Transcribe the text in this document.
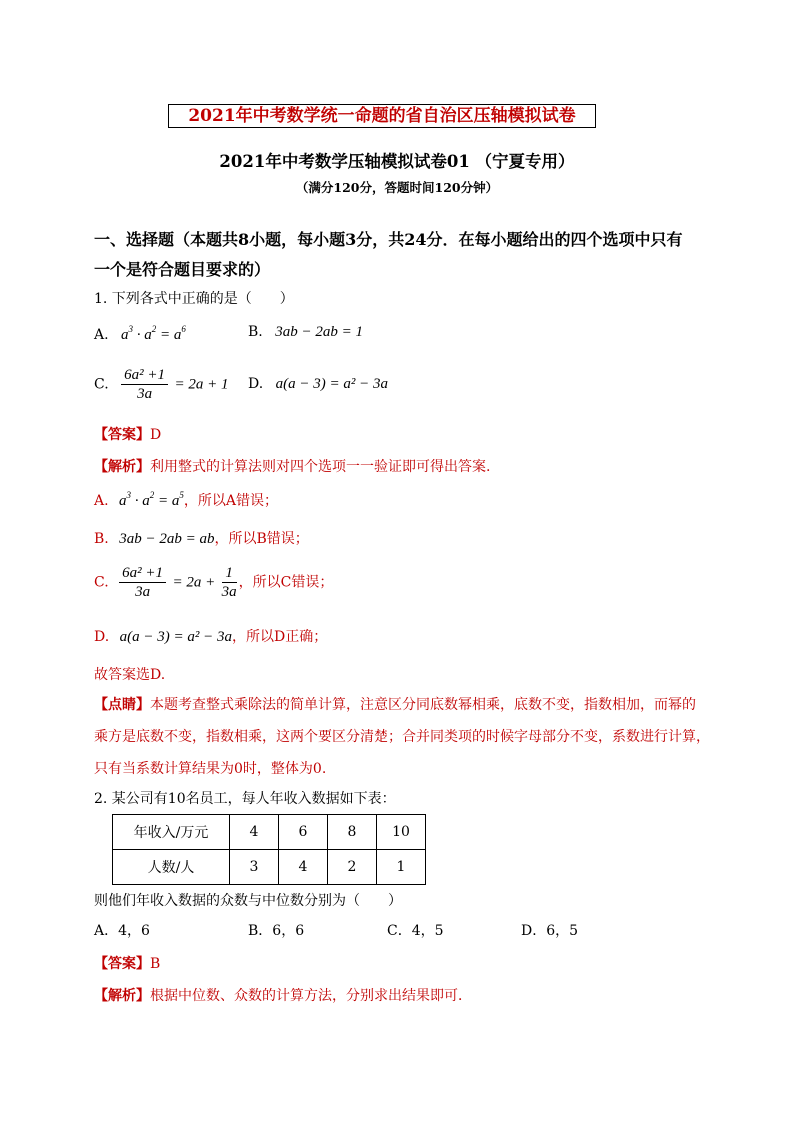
2021年中考数学统一命题的省自治区压轴模拟试卷
2021年中考数学压轴模拟试卷01 （宁夏专用）
（满分120分，答题时间120分钟）
一、选择题（本题共8小题，每小题3分，共24分．在每小题给出的四个选项中只有
一个是符合题目要求的）
1. 下列各式中正确的是（　　）
A. $a^3 \cdot a^2 = a^6$	B. 3ab − 2ab = 1
C. $\frac{\text{6a² +1}}{3a} = 2a + 1$ D. a(a − 3) = a² − 3a
【答案】D
【解析】利用整式的计算法则对四个选项一一验证即可得出答案.
A. $a^3 \cdot a^2 = a^5$，所以A错误；
B. 3ab − 2ab = ab，所以B错误；
C. $\frac{\text{6a² +1}}{3a} = 2a + \frac{1}{3a}$ ，所以C错误；
D. a(a − 3) = a² − 3a，所以D正确；
故答案选D.
【点睛】本题考查整式乘除法的简单计算，注意区分同底数幂相乘，底数不变，指数相加，而幂的
乘方是底数不变，指数相乘，这两个要区分清楚；合并同类项的时候字母部分不变，系数进行计算，
只有当系数计算结果为0时，整体为0.
2. 某公司有10名员工，每人年收入数据如下表：
年收入/万元	4	6	8	10
人数/人	3	4	2	1
则他们年收入数据的众数与中位数分别为（　　）
A．4，6	B．6，6	C．4，5	D．6，5
【答案】B
【解析】根据中位数、众数的计算方法，分别求出结果即可．
